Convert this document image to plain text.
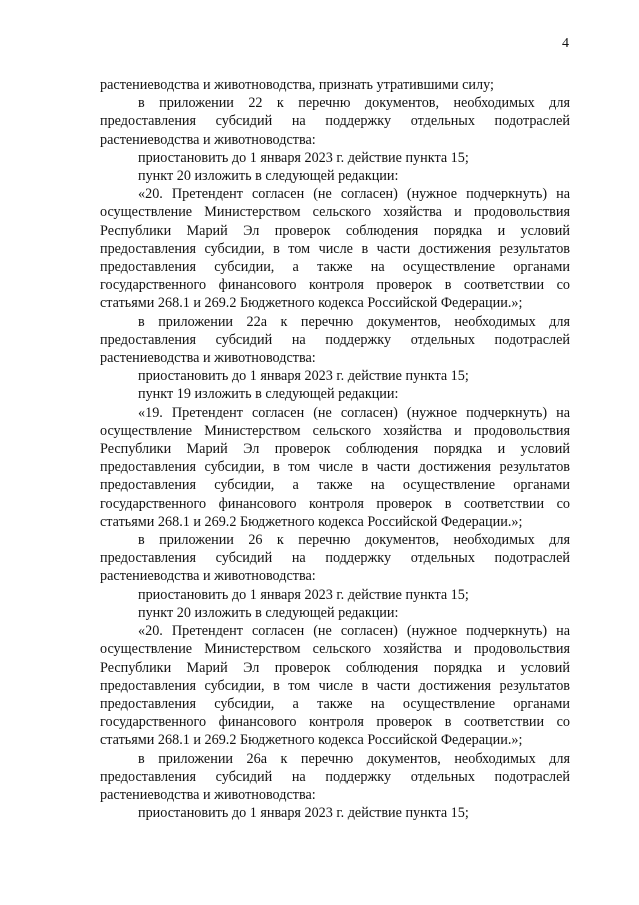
4

растениеводства и животноводства, признать утратившими силу;

в приложении 22 к перечню документов, необходимых для предоставления субсидий на поддержку отдельных подотраслей растениеводства и животноводства:

приостановить до 1 января 2023 г. действие пункта 15;

пункт 20 изложить в следующей редакции:

«20. Претендент согласен (не согласен) (нужное подчеркнуть) на осуществление Министерством сельского хозяйства и продовольствия Республики Марий Эл проверок соблюдения порядка и условий предоставления субсидии, в том числе в части достижения результатов предоставления субсидии, а также на осуществление органами государственного финансового контроля проверок в соответствии со статьями 268.1 и 269.2 Бюджетного кодекса Российской Федерации.»;

в приложении 22а к перечню документов, необходимых для предоставления субсидий на поддержку отдельных подотраслей растениеводства и животноводства:

приостановить до 1 января 2023 г. действие пункта 15;

пункт 19 изложить в следующей редакции:

«19. Претендент согласен (не согласен) (нужное подчеркнуть) на осуществление Министерством сельского хозяйства и продовольствия Республики Марий Эл проверок соблюдения порядка и условий предоставления субсидии, в том числе в части достижения результатов предоставления субсидии, а также на осуществление органами государственного финансового контроля проверок в соответствии со статьями 268.1 и 269.2 Бюджетного кодекса Российской Федерации.»;

в приложении 26 к перечню документов, необходимых для предоставления субсидий на поддержку отдельных подотраслей растениеводства и животноводства:

приостановить до 1 января 2023 г. действие пункта 15;

пункт 20 изложить в следующей редакции:

«20. Претендент согласен (не согласен) (нужное подчеркнуть) на осуществление Министерством сельского хозяйства и продовольствия Республики Марий Эл проверок соблюдения порядка и условий предоставления субсидии, в том числе в части достижения результатов предоставления субсидии, а также на осуществление органами государственного финансового контроля проверок в соответствии со статьями 268.1 и 269.2 Бюджетного кодекса Российской Федерации.»;

в приложении 26а к перечню документов, необходимых для предоставления субсидий на поддержку отдельных подотраслей растениеводства и животноводства:

приостановить до 1 января 2023 г. действие пункта 15;
